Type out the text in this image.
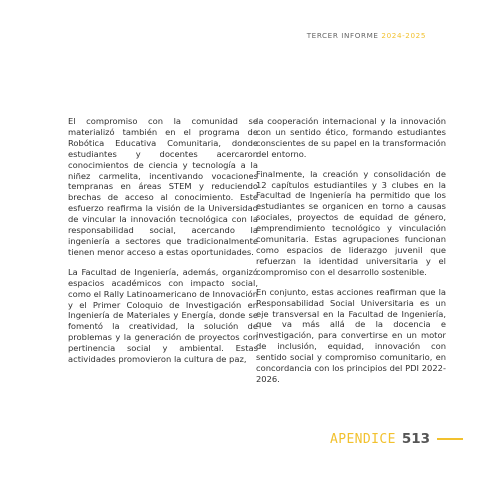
TERCER INFORME 2024-2025

El compromiso con la comunidad se materializó también en el programa de Robótica Educativa Comunitaria, donde estudiantes y docentes acercaron conocimientos de ciencia y tecnología a la niñez carmelita, incentivando vocaciones tempranas en áreas STEM y reduciendo brechas de acceso al conocimiento. Este esfuerzo reafirma la visión de la Universidad de vincular la innovación tecnológica con la responsabilidad social, acercando la ingeniería a sectores que tradicionalmente tienen menor acceso a estas oportunidades.

La Facultad de Ingeniería, además, organizó espacios académicos con impacto social, como el Rally Latinoamericano de Innovación y el Primer Coloquio de Investigación en Ingeniería de Materiales y Energía, donde se fomentó la creatividad, la solución de problemas y la generación de proyectos con pertinencia social y ambiental. Estas actividades promovieron la cultura de paz,

la cooperación internacional y la innovación con un sentido ético, formando estudiantes conscientes de su papel en la transformación del entorno.

Finalmente, la creación y consolidación de 12 capítulos estudiantiles y 3 clubes en la Facultad de Ingeniería ha permitido que los estudiantes se organicen en torno a causas sociales, proyectos de equidad de género, emprendimiento tecnológico y vinculación comunitaria. Estas agrupaciones funcionan como espacios de liderazgo juvenil que refuerzan la identidad universitaria y el compromiso con el desarrollo sostenible.

En conjunto, estas acciones reafirman que la Responsabilidad Social Universitaria es un eje transversal en la Facultad de Ingeniería, que va más allá de la docencia e investigación, para convertirse en un motor de inclusión, equidad, innovación con sentido social y compromiso comunitario, en concordancia con los principios del PDI 2022-2026.

APENDICE 513
